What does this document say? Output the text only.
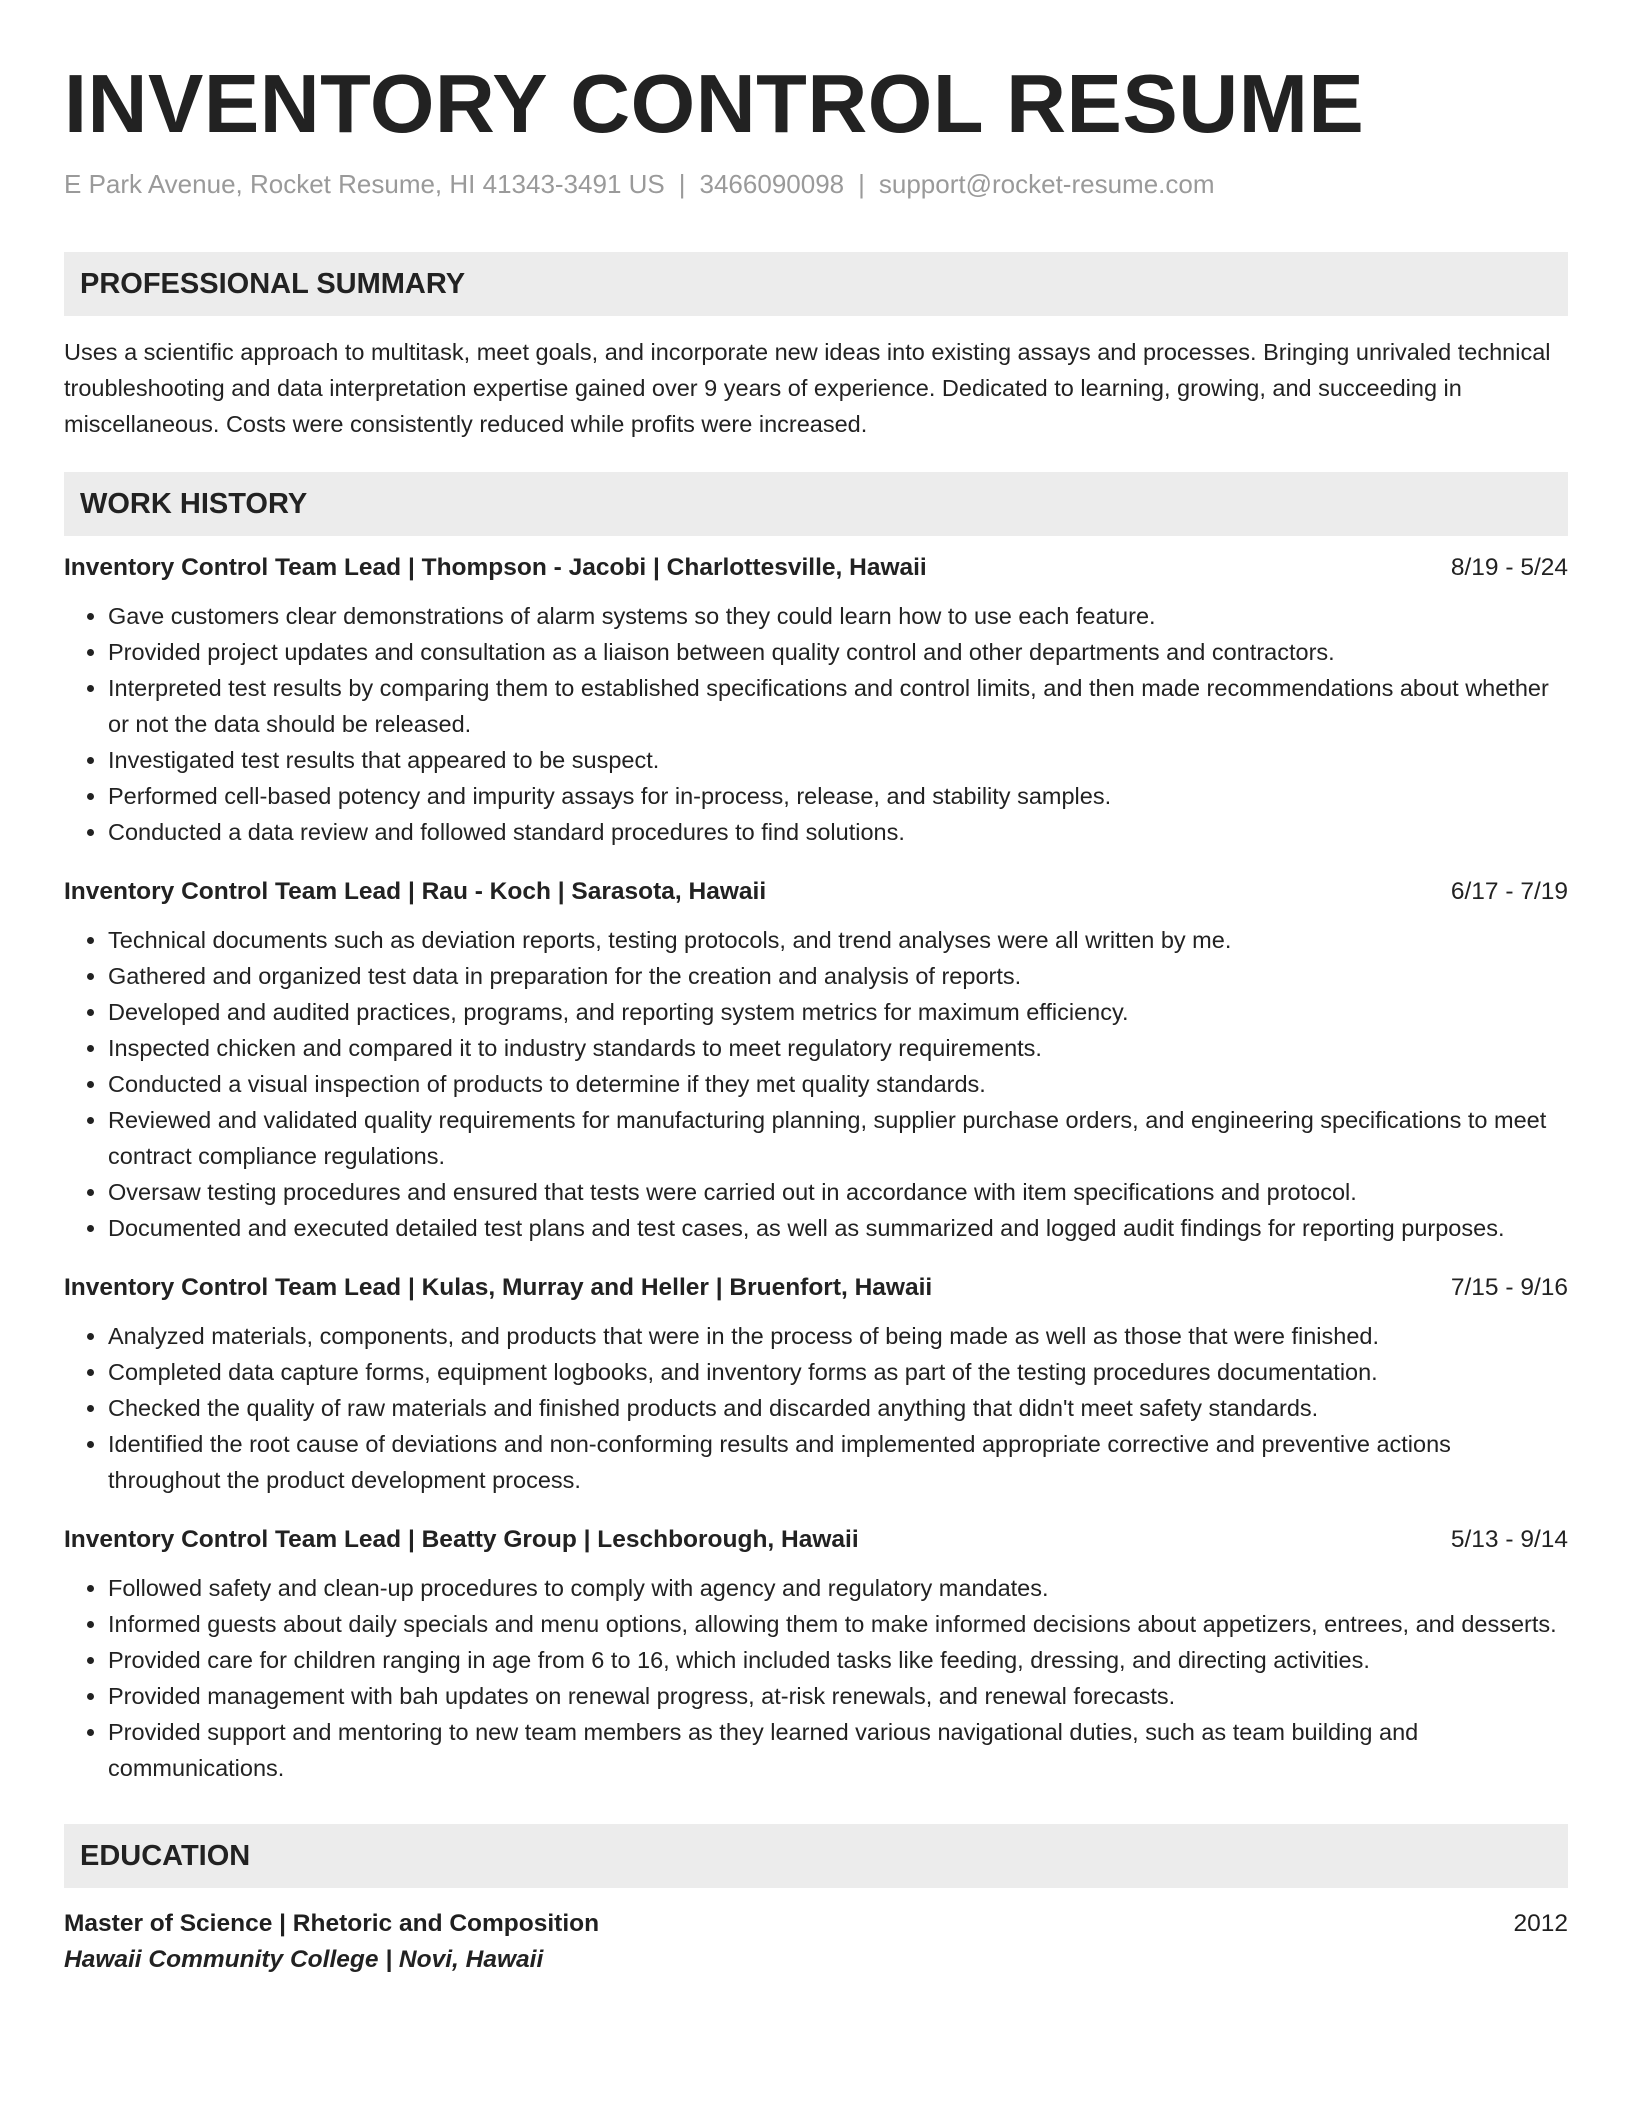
INVENTORY CONTROL RESUME
E Park Avenue, Rocket Resume, HI 41343-3491 US | 3466090098 | support@rocket-resume.com
PROFESSIONAL SUMMARY

Uses a scientific approach to multitask, meet goals, and incorporate new ideas into existing assays and processes. Bringing unrivaled technical troubleshooting and data interpretation expertise gained over 9 years of experience. Dedicated to learning, growing, and succeeding in miscellaneous. Costs were consistently reduced while profits were increased.

WORK HISTORY
Inventory Control Team Lead | Thompson - Jacobi | Charlottesville, Hawaii	8/19 - 5/24
• Gave customers clear demonstrations of alarm systems so they could learn how to use each feature.
• Provided project updates and consultation as a liaison between quality control and other departments and contractors.
• Interpreted test results by comparing them to established specifications and control limits, and then made recommendations about whether or not the data should be released.
• Investigated test results that appeared to be suspect.
• Performed cell-based potency and impurity assays for in-process, release, and stability samples.
• Conducted a data review and followed standard procedures to find solutions.
Inventory Control Team Lead | Rau - Koch | Sarasota, Hawaii	6/17 - 7/19
• Technical documents such as deviation reports, testing protocols, and trend analyses were all written by me.
• Gathered and organized test data in preparation for the creation and analysis of reports.
• Developed and audited practices, programs, and reporting system metrics for maximum efficiency.
• Inspected chicken and compared it to industry standards to meet regulatory requirements.
• Conducted a visual inspection of products to determine if they met quality standards.
• Reviewed and validated quality requirements for manufacturing planning, supplier purchase orders, and engineering specifications to meet contract compliance regulations.
• Oversaw testing procedures and ensured that tests were carried out in accordance with item specifications and protocol.
• Documented and executed detailed test plans and test cases, as well as summarized and logged audit findings for reporting purposes.
Inventory Control Team Lead | Kulas, Murray and Heller | Bruenfort, Hawaii	7/15 - 9/16
• Analyzed materials, components, and products that were in the process of being made as well as those that were finished.
• Completed data capture forms, equipment logbooks, and inventory forms as part of the testing procedures documentation.
• Checked the quality of raw materials and finished products and discarded anything that didn't meet safety standards.
• Identified the root cause of deviations and non-conforming results and implemented appropriate corrective and preventive actions throughout the product development process.
Inventory Control Team Lead | Beatty Group | Leschborough, Hawaii	5/13 - 9/14
• Followed safety and clean-up procedures to comply with agency and regulatory mandates.
• Informed guests about daily specials and menu options, allowing them to make informed decisions about appetizers, entrees, and desserts.
• Provided care for children ranging in age from 6 to 16, which included tasks like feeding, dressing, and directing activities.
• Provided management with bah updates on renewal progress, at-risk renewals, and renewal forecasts.
• Provided support and mentoring to new team members as they learned various navigational duties, such as team building and communications.
EDUCATION
Master of Science | Rhetoric and Composition	2012
Hawaii Community College | Novi, Hawaii
